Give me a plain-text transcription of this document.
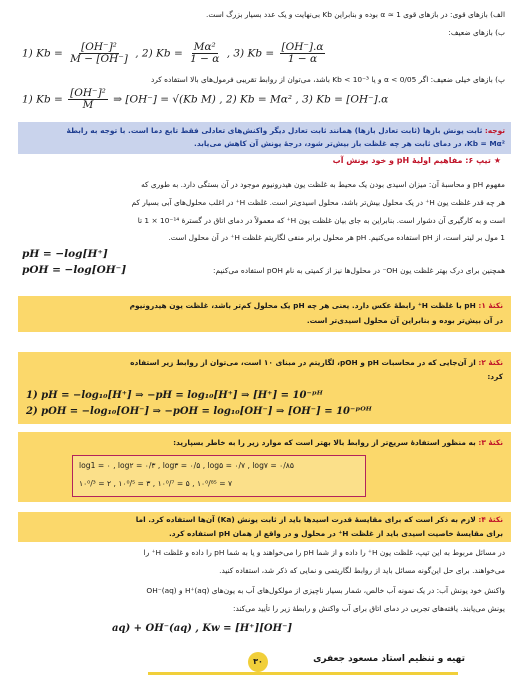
الف) بازهای قوی: در بازهای قوی α ≃ 1 بوده و بنابراین Kb بی‌نهایت و یک عدد بسیار بزرگ است.
ب) بازهای ضعیف:
1) $Kb = \frac{\text{[OH⁻]²}}{M - [OH^-]}$ , 2) $Kb = \frac{\text{Mα²}}{1 - \alpha}$ , 3) $Kb = \frac{[OH^-].\alpha}{1 - \alpha}$
پ) بازهای خیلی ضعیف: اگر 0/05 > α و یا ³⁻10 > Kb باشد، می‌توان از روابط تقریبی فرمول‌های بالا استفاده کرد
1) $Kb = \frac{\text{[OH⁻]²}}{M}$ ⇒ [OH⁻] = √(Kb M) , 2) Kb = Mα² , 3) Kb = [OH⁻].α
توجه: ثابت یونش بازها (ثابت تعادل بازها) همانند ثابت تعادل دیگر واکنش‌های تعادلی فقط تابع دما است. با توجه به رابطهٔ
Kb = Mα²، در دمای ثابت هر چه غلظت باز بیش‌تر شود، درجهٔ یونش آن کاهش می‌یابد.
★تیپ ۶: مفاهیم اولیهٔ pH و خود یونش آب
مفهوم pH و محاسبهٔ آن: میزان اسیدی بودن یک محیط به غلظت یون هیدرونیوم موجود در آن بستگی دارد. به طوری که
هر چه قدر غلظت یون H⁺ در یک محلول بیش‌تر باشد، محلول اسیدی‌تر است. غلظت H⁺ در اغلب محلول‌های آبی بسیار کم
است و به کارگیری آن دشوار است. بنابراین به جای بیان غلظت یون H⁺ که معمولاً در دمای اتاق در گسترهٔ ¹⁴⁻10 × 1 تا
1 مول بر لیتر است، از pH استفاده می‌کنیم. pH هر محلول برابر منفی لگاریتم غلظت H⁺ در آن محلول است.
pH = −log[H⁺]
همچنین برای درک بهتر غلظت یون OH⁻ در محلول‌ها نیز از کمیتی به نام pOH استفاده می‌کنیم:
pOH = −log[OH⁻]
نکتهٔ ۱: pH با غلظت H⁺ رابطهٔ عکس دارد. یعنی هر چه pH یک محلول کم‌تر باشد، غلظت یون هیدرونیوم
در آن بیش‌تر بوده و بنابراین آن محلول اسیدی‌تر است.
نکتهٔ ۲: از آن‌جایی که در محاسبات pH و pOH، لگاریتم در مبنای ۱۰ است، می‌توان از روابط زیر استفاده
کرد:
1) pH = −log₁₀[H⁺] ⇒ −pH = log₁₀[H⁺] ⇒ [H⁺] = 10⁻ᵖᴴ
2) pOH = −log₁₀[OH⁻] ⇒ −pOH = log₁₀[OH⁻] ⇒ [OH⁻] = 10⁻ᵖᴼᴴ
نکتهٔ ۳: به منظور استفادهٔ سریع‌تر از روابط بالا بهتر است که موارد زیر را به خاطر بسپارید:
log1 = ۰ , log۲ = ۰/۳ , log۳ = ۰/۵ , log۵ = ۰/۷ , log۷ = ۰/۸۵
۱۰⁰/³ = ۲ , ۱۰⁰/⁵ = ۳ , ۱۰⁰/⁷ = ۵ , ۱۰⁰/⁸⁵ = ۷
نکتهٔ ۴: لازم به ذکر است که برای مقایسهٔ قدرت اسیدها باید از ثابت یونش (Ka) آن‌ها استفاده کرد. اما
برای مقایسهٔ خاصیت اسیدی باید از غلظت H⁺ در محلول و در واقع از همان pH استفاده کرد.
در مسائل مربوط به این تیپ، غلظت یون H⁺ را داده و از شما pH را می‌خواهند و یا به شما pH را داده و غلظت H⁺ را
می‌خواهند. برای حل این‌گونه مسائل باید از روابط لگاریتمی و نمایی که ذکر شد، استفاده کنید.
واکنش خود یونش آب: در یک نمونه آب خالص، شمار بسیار ناچیزی از مولکول‌های آب به یون‌های H⁺(aq) و OH⁻(aq)
یونش می‌یابند. یافته‌های تجربی در دمای اتاق برای آب واکنش و رابطهٔ زیر را تأیید می‌کند:
aq) + OH⁻(aq) , Kw = [H⁺][OH⁻]
تهیه و تنظیم استاد مسعود جعفری
۳۰
